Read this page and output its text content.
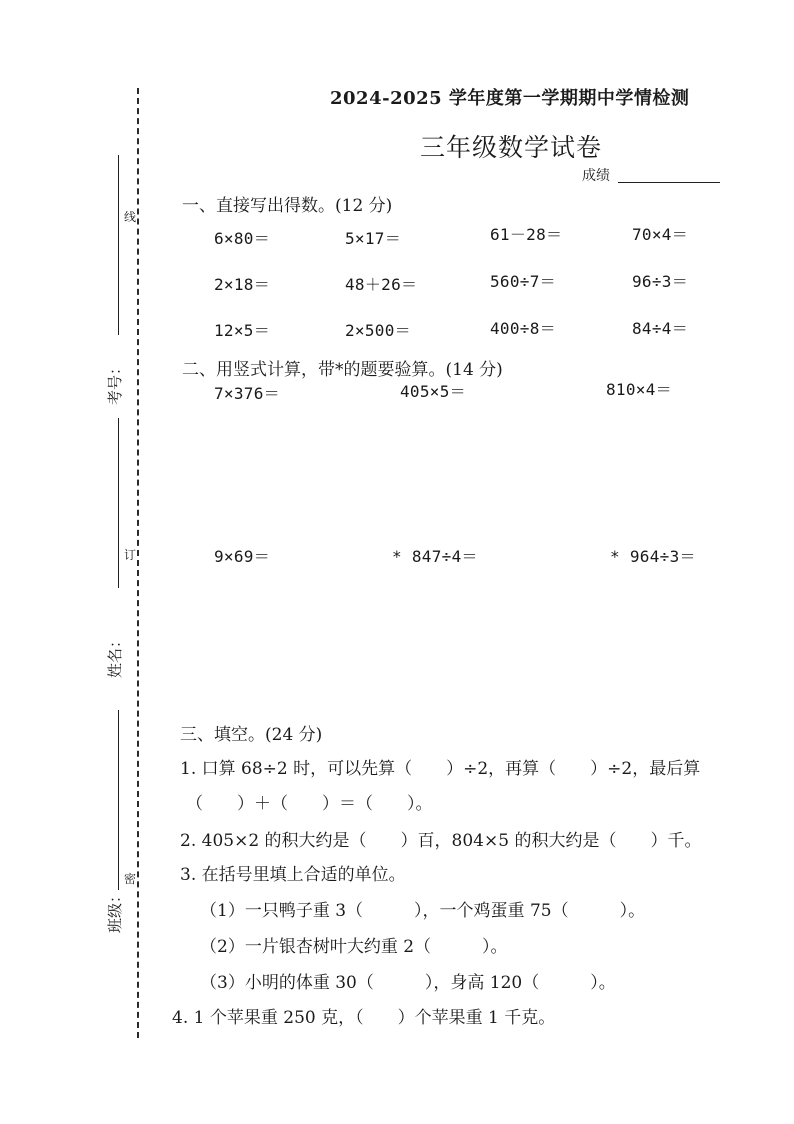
考号：
姓名：
班级：
线
订
密
2024-2025 学年度第一学期期中学情检测
三年级数学试卷
成绩
一、直接写出得数。(12 分)
6×80＝	5×17＝	61－28＝	70×4＝
2×18＝	48＋26＝	560÷7＝	96÷3＝
12×5＝	2×500＝	400÷8＝	84÷4＝
二、用竖式计算，带*的题要验算。(14 分)
7×376＝	405×5＝	810×4＝
9×69＝	* 847÷4＝	* 964÷3＝
三、填空。(24 分)
1. 口算 68÷2 时，可以先算（　　）÷2，再算（　　）÷2，最后算
（　　）＋（　　）＝（　　）。
2. 405×2 的积大约是（　　）百，804×5 的积大约是（　　）千。
3. 在括号里填上合适的单位。
（1）一只鸭子重 3（　　　），一个鸡蛋重 75（　　　）。
（2）一片银杏树叶大约重 2（　　　）。
（3）小明的体重 30（　　　），身高 120（　　　）。
4. 1 个苹果重 250 克，（　　）个苹果重 1 千克。
